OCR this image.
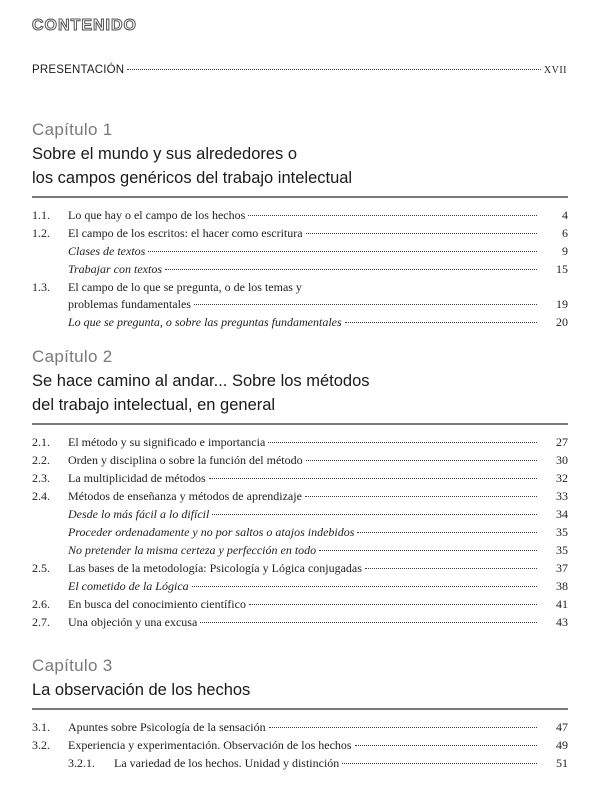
CONTENIDO
PRESENTACIÓN	XVII
Capítulo 1
Sobre el mundo y sus alrededores o
los campos genéricos del trabajo intelectual
1.1.	Lo que hay o el campo de los hechos	4
1.2.	El campo de los escritos: el hacer como escritura	6
Clases de textos	9
Trabajar con textos	15
1.3.	El campo de lo que se pregunta, o de los temas y
problemas fundamentales	19
Lo que se pregunta, o sobre las preguntas fundamentales	20
Capítulo 2
Se hace camino al andar... Sobre los métodos
del trabajo intelectual, en general
2.1.	El método y su significado e importancia	27
2.2.	Orden y disciplina o sobre la función del método	30
2.3.	La multiplicidad de métodos	32
2.4.	Métodos de enseñanza y métodos de aprendizaje	33
Desde lo más fácil a lo difícil	34
Proceder ordenadamente y no por saltos o atajos indebidos	35
No pretender la misma certeza y perfección en todo	35
2.5.	Las bases de la metodología: Psicología y Lógica conjugadas	37
El cometido de la Lógica	38
2.6.	En busca del conocimiento científico	41
2.7.	Una objeción y una excusa	43
Capítulo 3
La observación de los hechos
3.1.	Apuntes sobre Psicología de la sensación	47
3.2.	Experiencia y experimentación. Observación de los hechos	49
3.2.1.	La variedad de los hechos. Unidad y distinción	51
